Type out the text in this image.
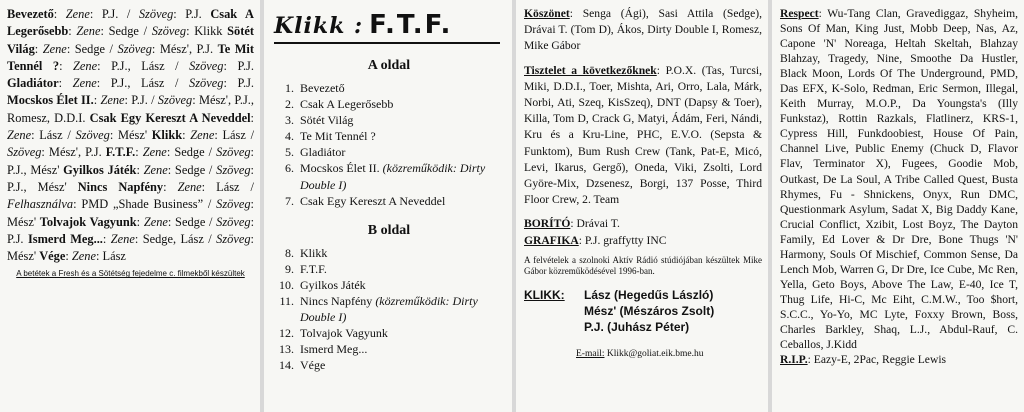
Bevezető: Zene: P.J. / Szöveg: P.J. Csak A Legerősebb: Zene: Sedge / Szöveg: Klikk Sötét Világ: Zene: Sedge / Szöveg: Mész', P.J. Te Mit Tennél ?: Zene: P.J., Lász / Szöveg: P.J. Gladiátor: Zene: P.J., Lász / Szöveg: P.J. Mocskos Élet II.: Zene: P.J. / Szöveg: Mész', P.J., Romesz, D.D.I. Csak Egy Kereszt A Neveddel: Zene: Lász / Szöveg: Mész' Klikk: Zene: Lász / Szöveg: Mész', P.J. F.T.F.: Zene: Sedge / Szöveg: P.J., Mész' Gyilkos Játék: Zene: Sedge / Szöveg: P.J., Mész' Nincs Napfény: Zene: Lász / Felhasználva: PMD „Shade Business” / Szöveg: Mész' Tolvajok Vagyunk: Zene: Sedge / Szöveg: P.J. Ismerd Meg...: Zene: Sedge, Lász / Szöveg: Mész' Vége: Zene: Lász
A betétek a Fresh és a Sötétség fejedelme c. filmekből készültek
Klikk : F.T.F.
A oldal
1. Bevezető
2. Csak A Legerősebb
3. Sötét Világ
4. Te Mit Tennél ?
5. Gladiátor
6. Mocskos Élet II. (közreműködik: Dirty Double I)
7. Csak Egy Kereszt A Neveddel
B oldal
8. Klikk
9. F.T.F.
10. Gyilkos Játék
11. Nincs Napfény (közreműködik: Dirty Double I)
12. Tolvajok Vagyunk
13. Ismerd Meg...
14. Vége
Köszönet: Senga (Ági), Sasi Attila (Sedge), Drávai T. (Tom D), Ákos, Dirty Double I, Romesz, Mike Gábor
Tisztelet a következőknek: P.O.X. (Tas, Turcsi, Miki, D.D.I., Toer, Mishta, Ari, Orro, Lala, Márk, Norbi, Ati, Szeq, KisSzeq), DNT (Dapsy & Toer), Killa, Tom D, Crack G, Matyi, Ádám, Feri, Nándi, Kru és a Kru-Line, PHC, E.V.O. (Sepsta & Funktom), Bum Rush Crew (Tank, Pat-E, Micó, Levi, Ikarus, Gergő), Oneda, Viki, Zsolti, Lord Györe-Mix, Dzsenesz, Borgi, 137 Posse, Third Floor Crew, 2. Team
BORÍTÓ: Drávai T.
GRAFIKA: P.J. graffytty INC
A felvételek a szolnoki Aktív Rádió stúdiójában készültek Mike Gábor közreműködésével 1996-ban.
KLIKK:	Lász (Hegedűs László)
Mész' (Mészáros Zsolt)
P.J. (Juhász Péter)
E-mail: Klikk@goliat.eik.bme.hu
Respect: Wu-Tang Clan, Gravediggaz, Shyheim, Sons Of Man, King Just, Mobb Deep, Nas, Az, Capone 'N' Noreaga, Heltah Skeltah, Blahzay Blahzay, Tragedy, Nine, Smoothe Da Hustler, Black Moon, Lords Of The Underground, PMD, Das EFX, K-Solo, Redman, Eric Sermon, Illegal, Keith Murray, M.O.P., Da Youngsta's (Illy Funkstaz), Rottin Razkals, Flatlinerz, KRS-1, Cypress Hill, Funkdoobiest, House Of Pain, Channel Live, Public Enemy (Chuck D, Flavor Flav, Terminator X), Fugees, Goodie Mob, Outkast, De La Soul, A Tribe Called Quest, Busta Rhymes, Fu - Shnickens, Onyx, Run DMC, Questionmark Asylum, Sadat X, Big Daddy Kane, Crucial Conflict, Xzibit, Lost Boyz, The Dayton Family, Ed Lover & Dr Dre, Bone Thugs 'N' Harmony, Souls Of Mischief, Common Sense, Da Lench Mob, Warren G, Dr Dre, Ice Cube, Mc Ren, Yella, Geto Boys, Above The Law, E-40, Ice T, Thug Life, Hi-C, Mc Eiht, C.M.W., Too $hort, S.C.C., Yo-Yo, MC Lyte, Foxxy Brown, Boss, Charles Barkley, Shaq, L.J., Abdul-Rauf, C. Ceballos, J.Kidd
R.I.P.: Eazy-E, 2Pac, Reggie Lewis
